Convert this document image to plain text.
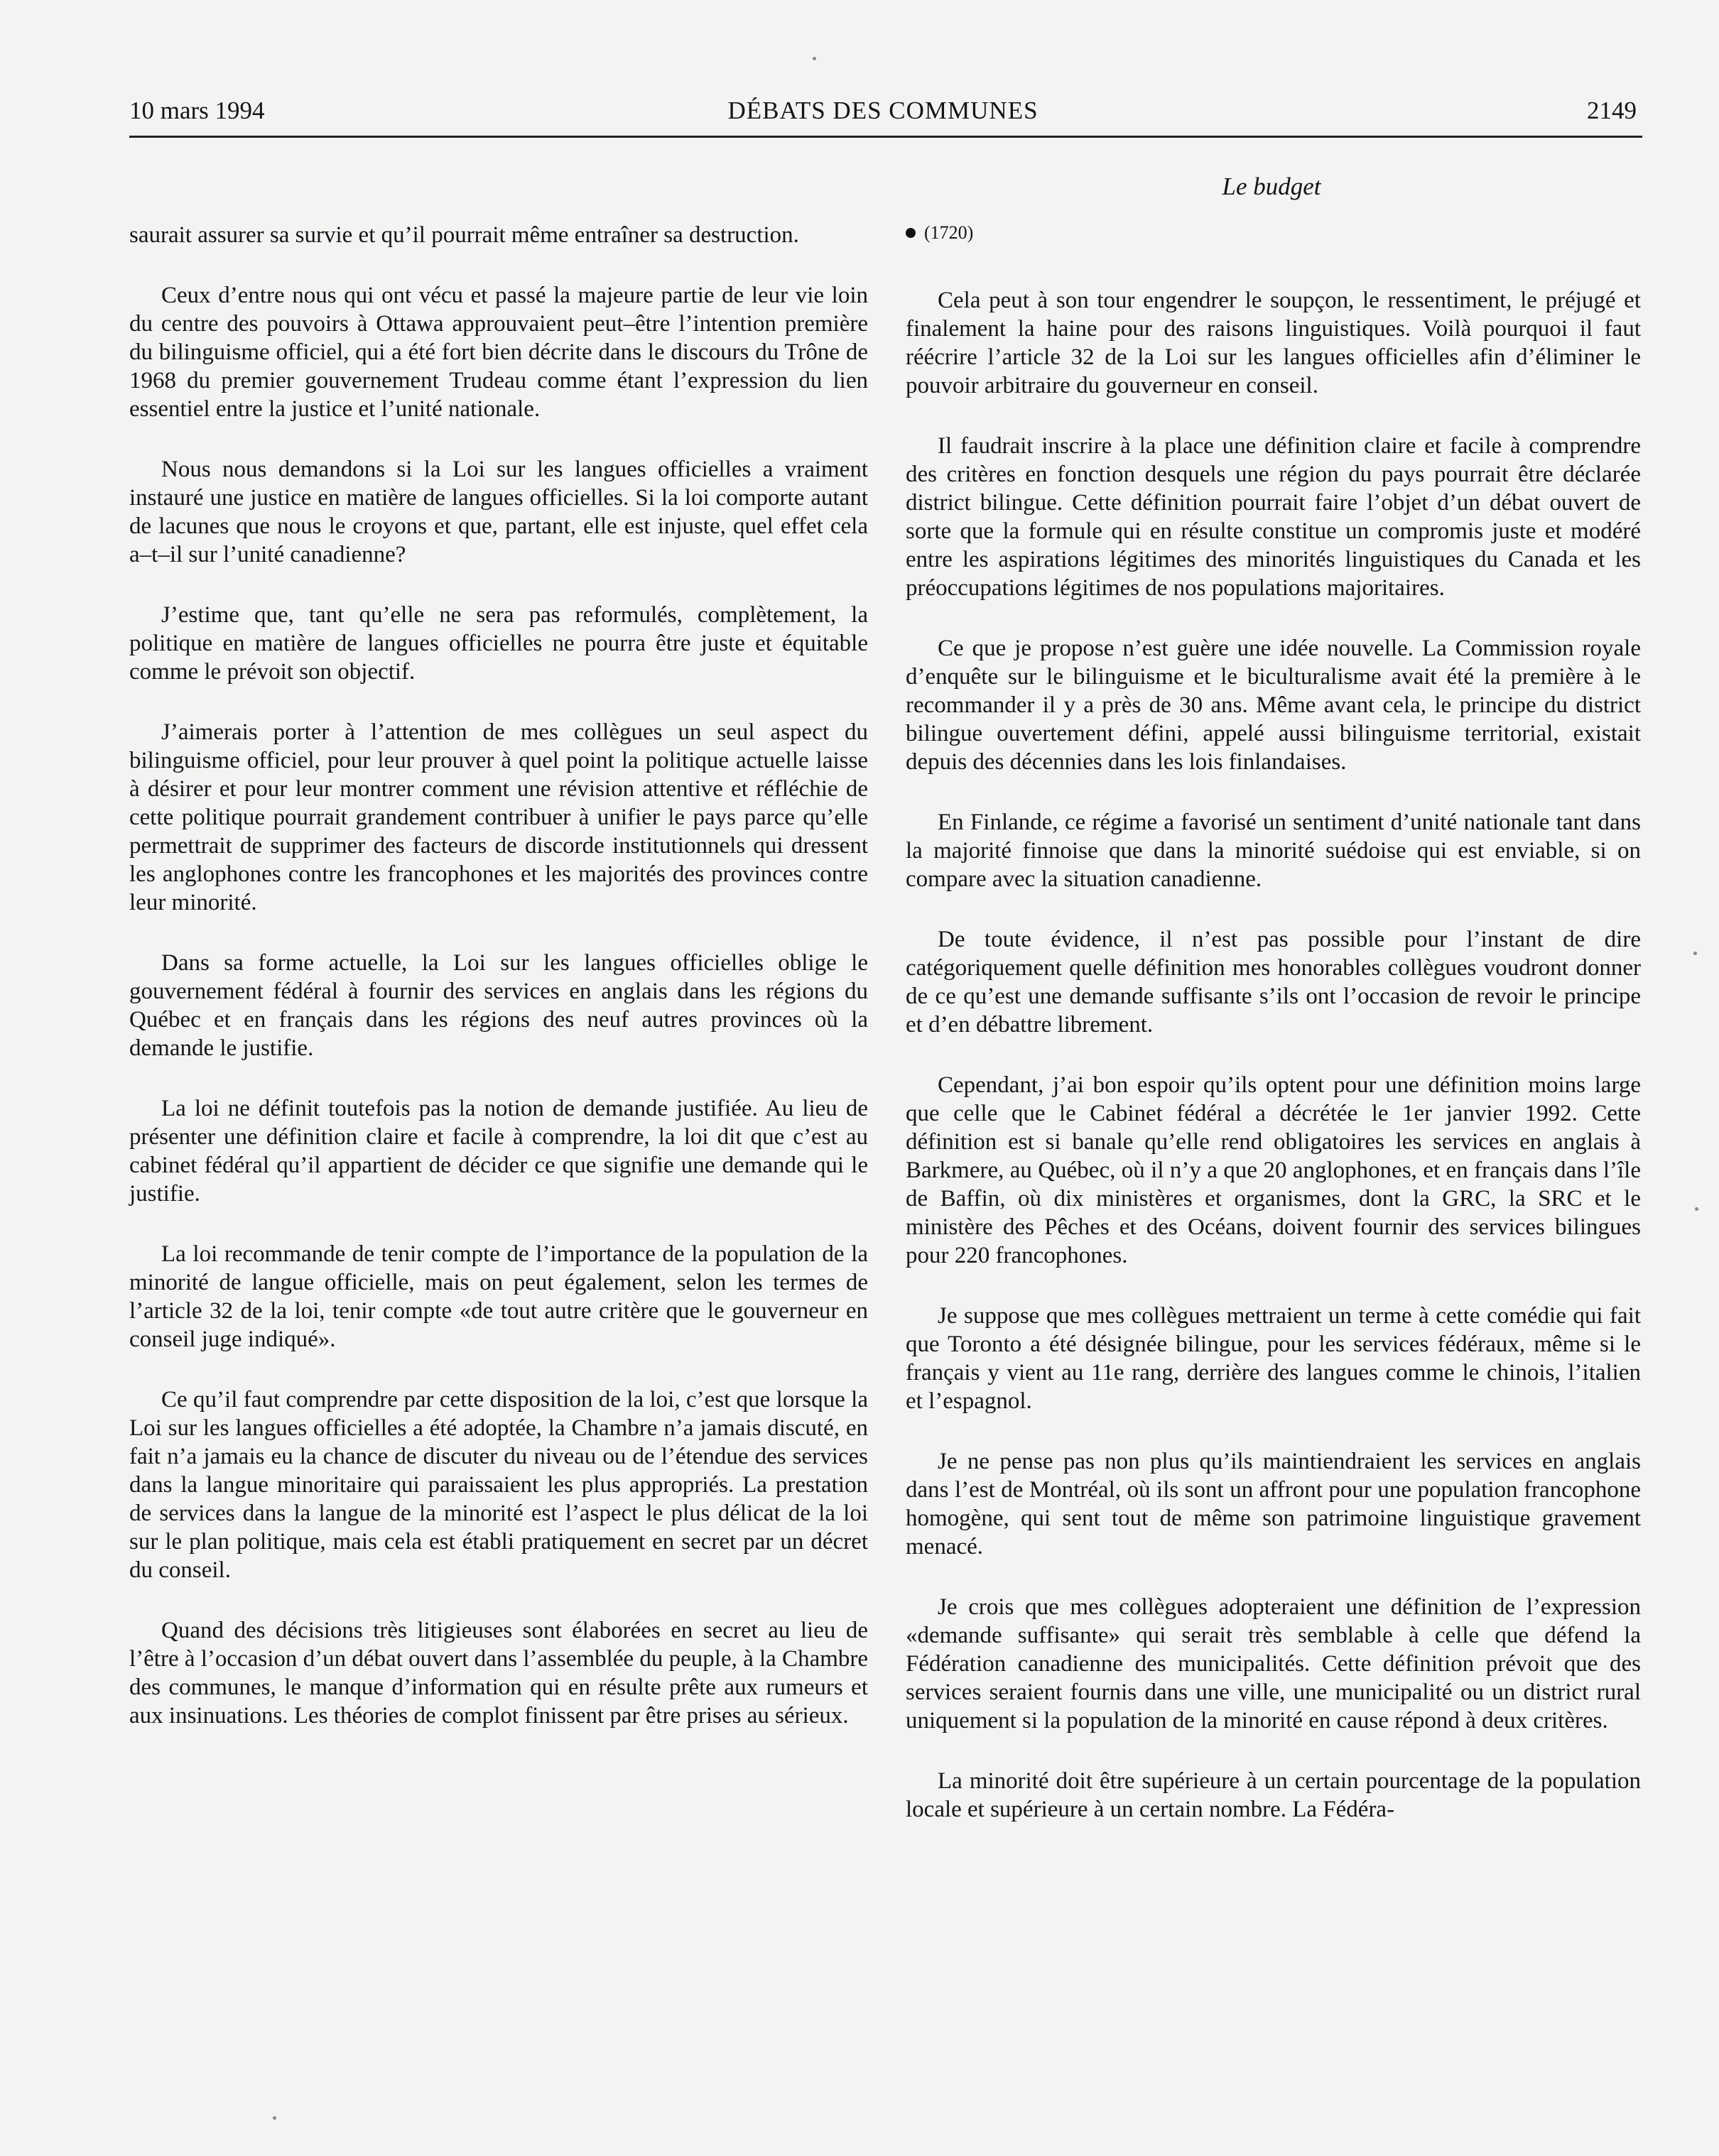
10 mars 1994	DÉBATS DES COMMUNES	2149
Le budget

saurait assurer sa survie et qu’il pourrait même entraîner sa destruction.

Ceux d’entre nous qui ont vécu et passé la majeure partie de leur vie loin du centre des pouvoirs à Ottawa approuvaient peut–être l’intention première du bilinguisme officiel, qui a été fort bien décrite dans le discours du Trône de 1968 du premier gouvernement Trudeau comme étant l’expression du lien essentiel entre la justice et l’unité nationale.

Nous nous demandons si la Loi sur les langues officielles a vraiment instauré une justice en matière de langues officielles. Si la loi comporte autant de lacunes que nous le croyons et que, partant, elle est injuste, quel effet cela a–t–il sur l’unité canadienne?

J’estime que, tant qu’elle ne sera pas reformulés, complètement, la politique en matière de langues officielles ne pourra être juste et équitable comme le prévoit son objectif.

J’aimerais porter à l’attention de mes collègues un seul aspect du bilinguisme officiel, pour leur prouver à quel point la politique actuelle laisse à désirer et pour leur montrer comment une révision attentive et réfléchie de cette politique pourrait grandement contribuer à unifier le pays parce qu’elle permettrait de supprimer des facteurs de discorde institutionnels qui dressent les anglophones contre les francophones et les majorités des provinces contre leur minorité.

Dans sa forme actuelle, la Loi sur les langues officielles oblige le gouvernement fédéral à fournir des services en anglais dans les régions du Québec et en français dans les régions des neuf autres provinces où la demande le justifie.

La loi ne définit toutefois pas la notion de demande justifiée. Au lieu de présenter une définition claire et facile à comprendre, la loi dit que c’est au cabinet fédéral qu’il appartient de décider ce que signifie une demande qui le justifie.

La loi recommande de tenir compte de l’importance de la population de la minorité de langue officielle, mais on peut également, selon les termes de l’article 32 de la loi, tenir compte «de tout autre critère que le gouverneur en conseil juge indiqué».

Ce qu’il faut comprendre par cette disposition de la loi, c’est que lorsque la Loi sur les langues officielles a été adoptée, la Chambre n’a jamais discuté, en fait n’a jamais eu la chance de discuter du niveau ou de l’étendue des services dans la langue minoritaire qui paraissaient les plus appropriés. La prestation de services dans la langue de la minorité est l’aspect le plus délicat de la loi sur le plan politique, mais cela est établi pratiquement en secret par un décret du conseil.

Quand des décisions très litigieuses sont élaborées en secret au lieu de l’être à l’occasion d’un débat ouvert dans l’assemblée du peuple, à la Chambre des communes, le manque d’information qui en résulte prête aux rumeurs et aux insinuations. Les théories de complot finissent par être prises au sérieux.

(1720)

Cela peut à son tour engendrer le soupçon, le ressentiment, le préjugé et finalement la haine pour des raisons linguistiques. Voilà pourquoi il faut réécrire l’article 32 de la Loi sur les langues officielles afin d’éliminer le pouvoir arbitraire du gouverneur en conseil.

Il faudrait inscrire à la place une définition claire et facile à comprendre des critères en fonction desquels une région du pays pourrait être déclarée district bilingue. Cette définition pourrait faire l’objet d’un débat ouvert de sorte que la formule qui en résulte constitue un compromis juste et modéré entre les aspirations légitimes des minorités linguistiques du Canada et les préoccupations légitimes de nos populations majoritaires.

Ce que je propose n’est guère une idée nouvelle. La Commission royale d’enquête sur le bilinguisme et le biculturalisme avait été la première à le recommander il y a près de 30 ans. Même avant cela, le principe du district bilingue ouvertement défini, appelé aussi bilinguisme territorial, existait depuis des décennies dans les lois finlandaises.

En Finlande, ce régime a favorisé un sentiment d’unité nationale tant dans la majorité finnoise que dans la minorité suédoise qui est enviable, si on compare avec la situation canadienne.

De toute évidence, il n’est pas possible pour l’instant de dire catégoriquement quelle définition mes honorables collègues voudront donner de ce qu’est une demande suffisante s’ils ont l’occasion de revoir le principe et d’en débattre librement.

Cependant, j’ai bon espoir qu’ils optent pour une définition moins large que celle que le Cabinet fédéral a décrétée le 1er janvier 1992. Cette définition est si banale qu’elle rend obligatoires les services en anglais à Barkmere, au Québec, où il n’y a que 20 anglophones, et en français dans l’île de Baffin, où dix ministères et organismes, dont la GRC, la SRC et le ministère des Pêches et des Océans, doivent fournir des services bilingues pour 220 francophones.

Je suppose que mes collègues mettraient un terme à cette comédie qui fait que Toronto a été désignée bilingue, pour les services fédéraux, même si le français y vient au 11e rang, derrière des langues comme le chinois, l’italien et l’espagnol.

Je ne pense pas non plus qu’ils maintiendraient les services en anglais dans l’est de Montréal, où ils sont un affront pour une population francophone homogène, qui sent tout de même son patrimoine linguistique gravement menacé.

Je crois que mes collègues adopteraient une définition de l’expression «demande suffisante» qui serait très semblable à celle que défend la Fédération canadienne des municipalités. Cette définition prévoit que des services seraient fournis dans une ville, une municipalité ou un district rural uniquement si la population de la minorité en cause répond à deux critères.

La minorité doit être supérieure à un certain pourcentage de la population locale et supérieure à un certain nombre. La Fédéra-
